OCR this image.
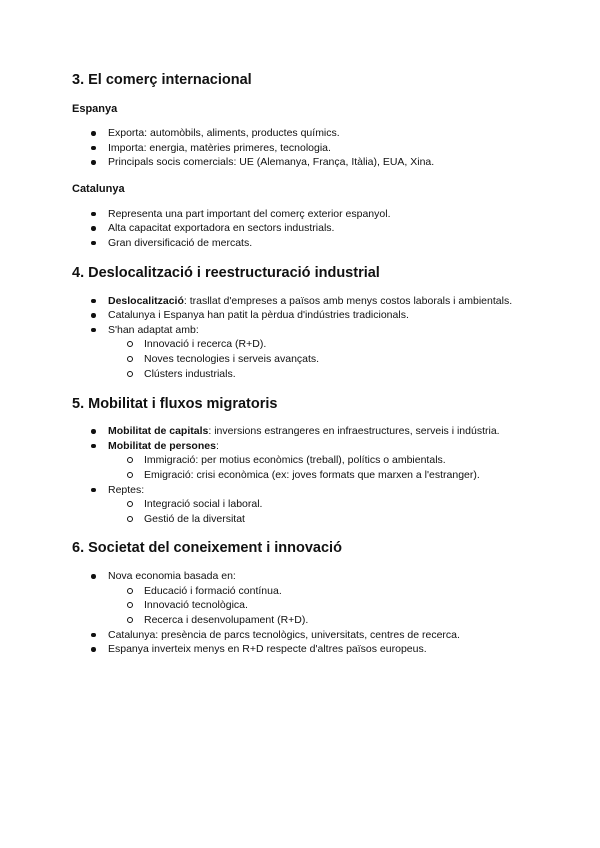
3. El comerç internacional
Espanya
Exporta: automòbils, aliments, productes químics.
Importa: energia, matèries primeres, tecnologia.
Principals socis comercials: UE (Alemanya, França, Itàlia), EUA, Xina.
Catalunya
Representa una part important del comerç exterior espanyol.
Alta capacitat exportadora en sectors industrials.
Gran diversificació de mercats.
4. Deslocalització i reestructuració industrial
Deslocalització: trasllat d'empreses a països amb menys costos laborals i ambientals.
Catalunya i Espanya han patit la pèrdua d'indústries tradicionals.
S'han adaptat amb:
Innovació i recerca (R+D).
Noves tecnologies i serveis avançats.
Clústers industrials.
5. Mobilitat i fluxos migratoris
Mobilitat de capitals: inversions estrangeres en infraestructures, serveis i indústria.
Mobilitat de persones:
Immigració: per motius econòmics (treball), polítics o ambientals.
Emigració: crisi econòmica (ex: joves formats que marxen a l'estranger).
Reptes:
Integració social i laboral.
Gestió de la diversitat
6. Societat del coneixement i innovació
Nova economia basada en:
Educació i formació contínua.
Innovació tecnològica.
Recerca i desenvolupament (R+D).
Catalunya: presència de parcs tecnològics, universitats, centres de recerca.
Espanya inverteix menys en R+D respecte d'altres països europeus.
